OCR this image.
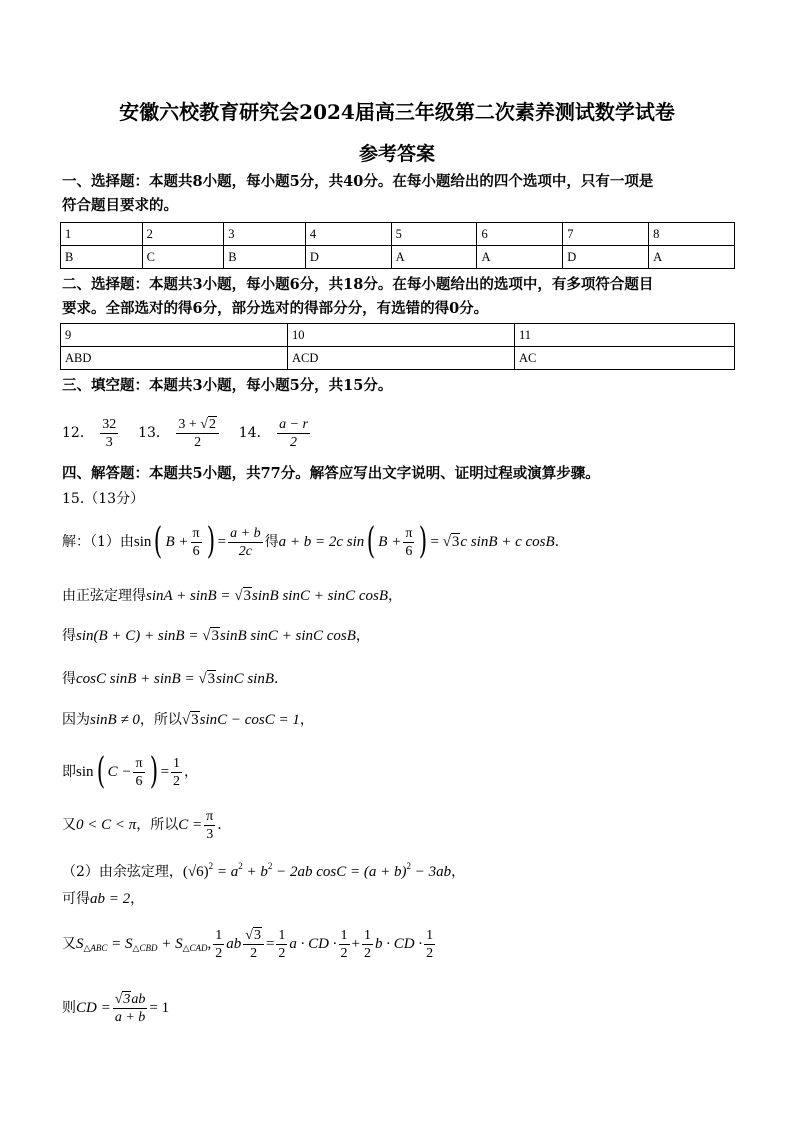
安徽六校教育研究会2024届高三年级第二次素养测试数学试卷
参考答案
一、选择题：本题共8小题，每小题5分，共40分。在每小题给出的四个选项中，只有一项是
符合题目要求的。
1	2	3	4	5	6	7	8
B	C	B	D	A	A	D	A
二、选择题：本题共3小题，每小题6分，共18分。在每小题给出的选项中，有多项符合题目
要求。全部选对的得6分，部分选对的得部分分，有选错的得0分。
9	10	11
ABD	ACD	AC
三、填空题：本题共3小题，每小题5分，共15分。
12． $\frac{32}{3} 13$． $\frac{3 + √2}{2} 14$． $\frac{a - r}{2}$
四、解答题：本题共5小题，共77分。解答应写出文字说明、证明过程或演算步骤。
15.（13分）
解：（1）由sin( $B + \frac{\pi}{6}$ ) = $\frac{a + b}{2c}$ 得a + b = 2c sin( $B + \frac{\pi}{6}$ ) = √3c sinB + c cosB．
由正弦定理得sinA + sinB = √3sinB sinC + sinC cosB，
得sin(B + C) + sinB = √3sinB sinC + sinC cosB，
得cosC sinB + sinB = √3sinC sinB．
因为sinB ≠ 0，所以√3sinC − cosC = 1，
即sin( $C - \frac{\pi}{6}$ ) = $\frac{1}{2}$ ，
又0 < C < π，所以$C = \frac{\pi}{3}$ ．
（2）由余弦定理，$(√6)^2 = a^2 + b^2 - 2ab$ $\cos C = (a + b)^2 - 3ab$，
可得ab = 2，
又$S_{\triangle ABC} = S_{\triangle CBD} + S_{\triangle CAD}$, $\frac{1}{2}$ ab $\frac{√3}{2} = \frac{1}{2}$ a · CD · $\frac{1}{2} + \frac{1}{2}$ b · CD · $\frac{1}{2}$
则CD = $\frac{√3ab}{a + b} = 1$
